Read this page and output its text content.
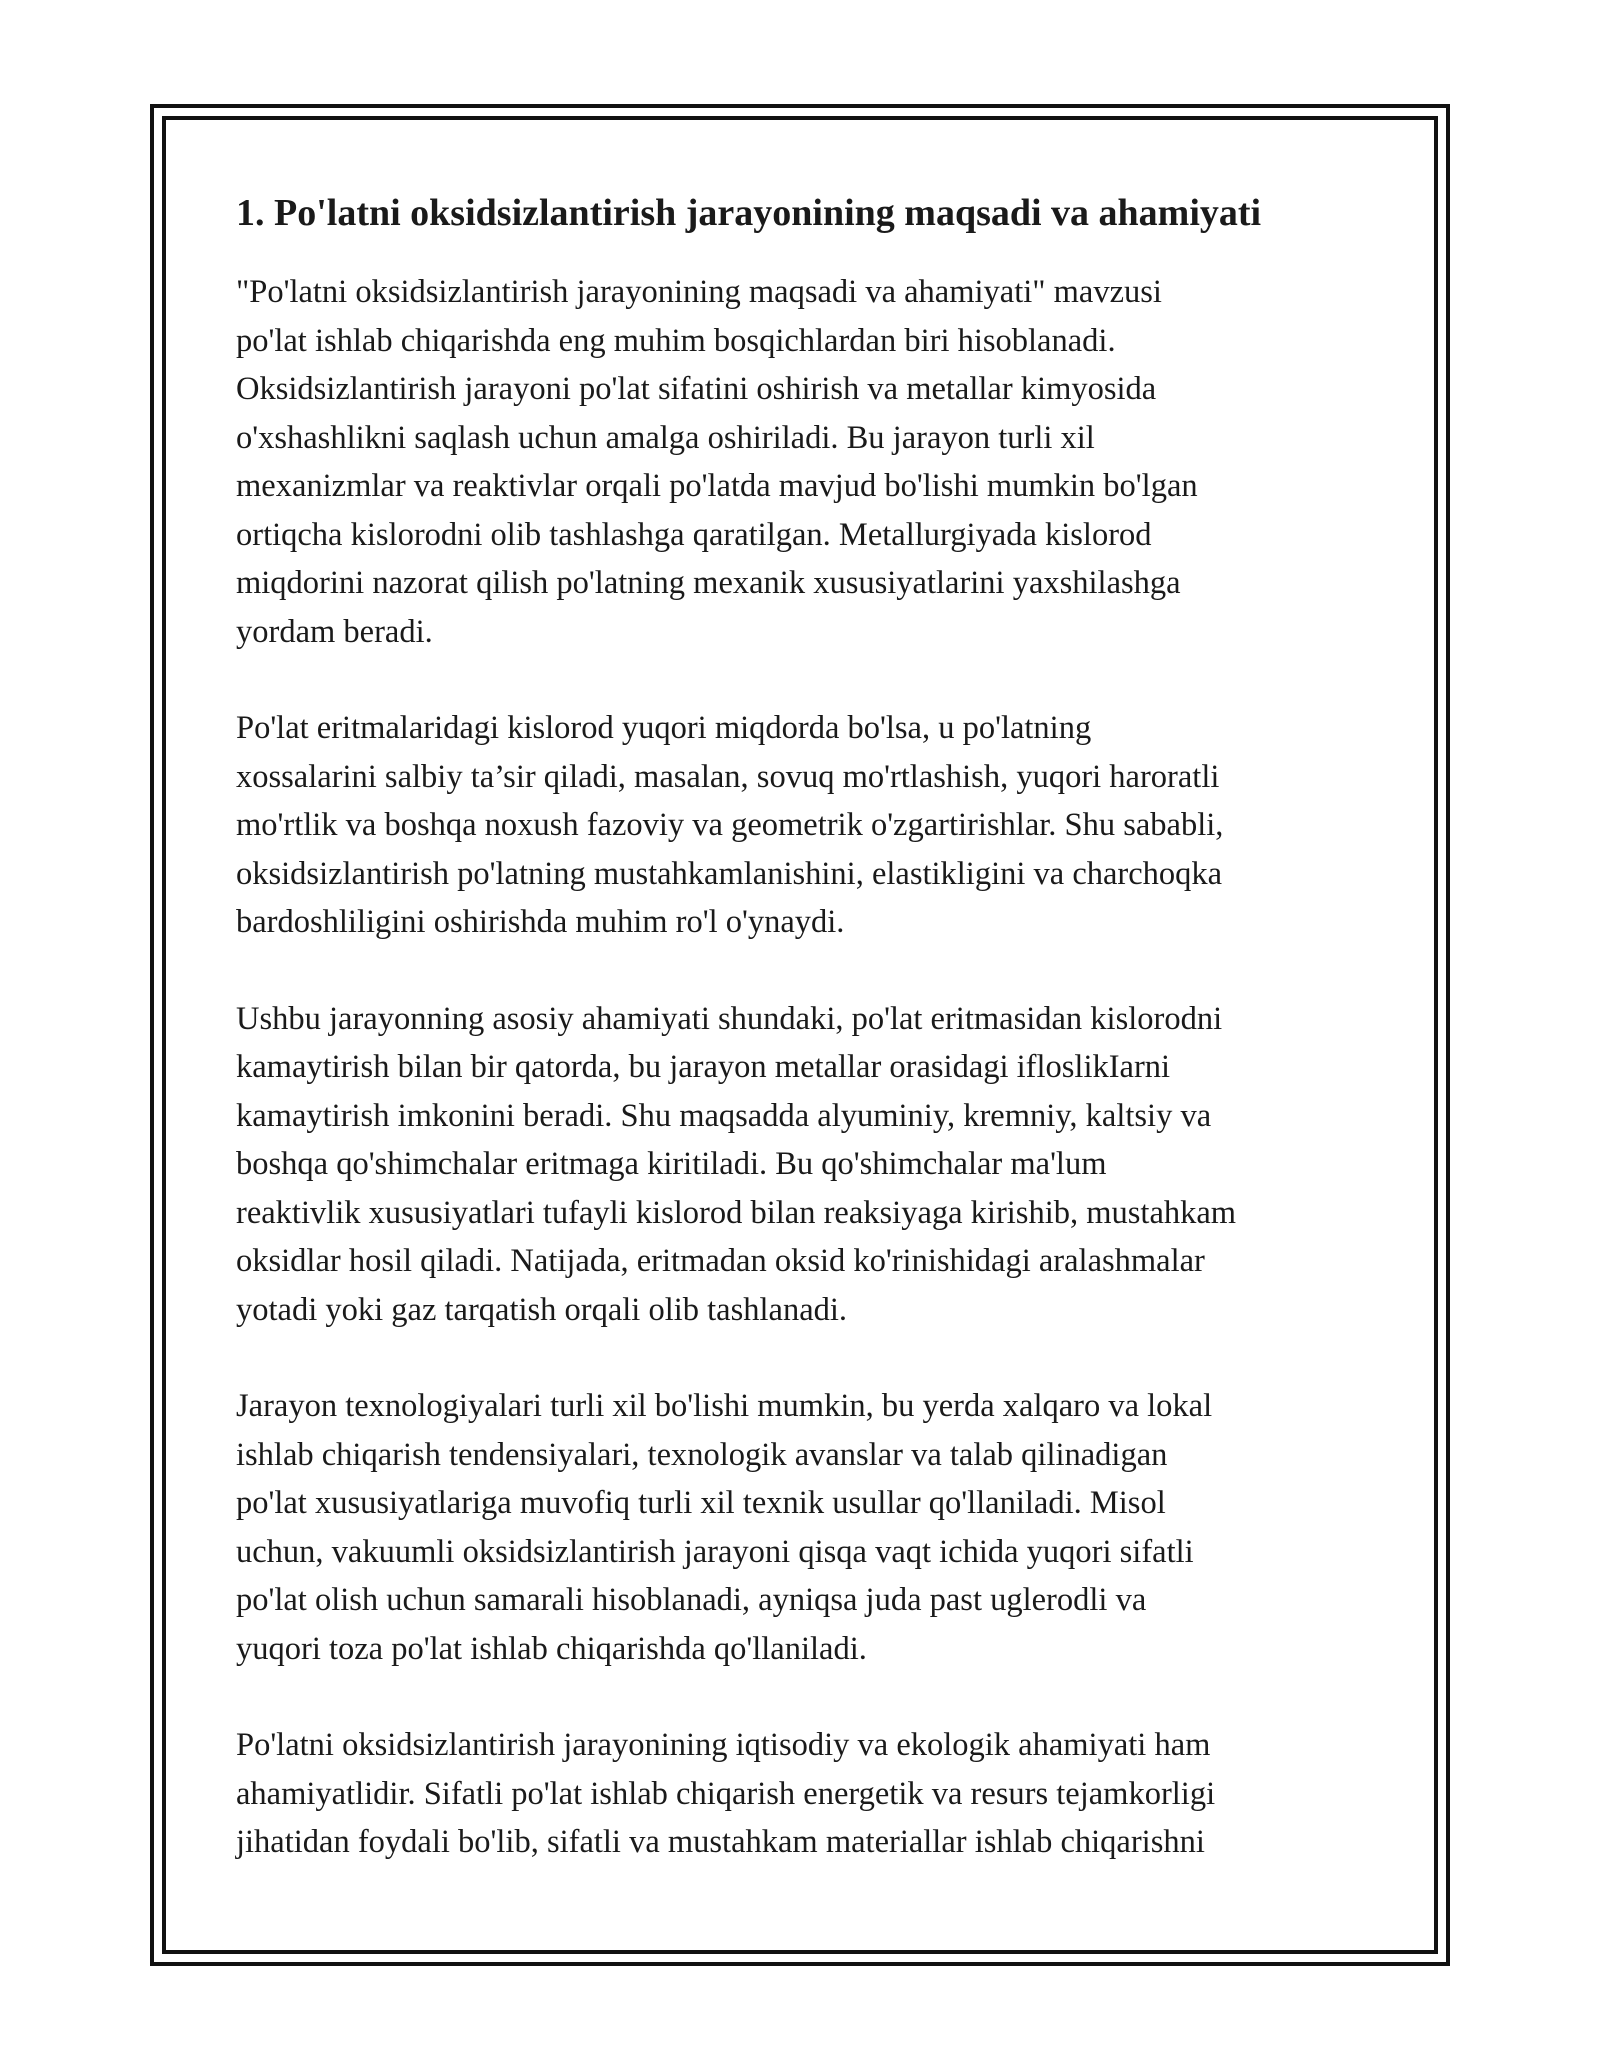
1. Po'latni oksidsizlantirish jarayonining maqsadi va ahamiyati

"Po'latni oksidsizlantirish jarayonining maqsadi va ahamiyati" mavzusi
po'lat ishlab chiqarishda eng muhim bosqichlardan biri hisoblanadi.
Oksidsizlantirish jarayoni po'lat sifatini oshirish va metallar kimyosida
o'xshashlikni saqlash uchun amalga oshiriladi. Bu jarayon turli xil
mexanizmlar va reaktivlar orqali po'latda mavjud bo'lishi mumkin bo'lgan
ortiqcha kislorodni olib tashlashga qaratilgan. Metallurgiyada kislorod
miqdorini nazorat qilish po'latning mexanik xususiyatlarini yaxshilashga
yordam beradi.

Po'lat eritmalaridagi kislorod yuqori miqdorda bo'lsa, u po'latning
xossalarini salbiy ta’sir qiladi, masalan, sovuq mo'rtlashish, yuqori haroratli
mo'rtlik va boshqa noxush fazoviy va geometrik o'zgartirishlar. Shu sababli,
oksidsizlantirish po'latning mustahkamlanishini, elastikligini va charchoqka
bardoshliligini oshirishda muhim ro'l o'ynaydi.

Ushbu jarayonning asosiy ahamiyati shundaki, po'lat eritmasidan kislorodni
kamaytirish bilan bir qatorda, bu jarayon metallar orasidagi ifloslikIarni
kamaytirish imkonini beradi. Shu maqsadda alyuminiy, kremniy, kaltsiy va
boshqa qo'shimchalar eritmaga kiritiladi. Bu qo'shimchalar ma'lum
reaktivlik xususiyatlari tufayli kislorod bilan reaksiyaga kirishib, mustahkam
oksidlar hosil qiladi. Natijada, eritmadan oksid ko'rinishidagi aralashmalar
yotadi yoki gaz tarqatish orqali olib tashlanadi.

Jarayon texnologiyalari turli xil bo'lishi mumkin, bu yerda xalqaro va lokal
ishlab chiqarish tendensiyalari, texnologik avanslar va talab qilinadigan
po'lat xususiyatlariga muvofiq turli xil texnik usullar qo'llaniladi. Misol
uchun, vakuumli oksidsizlantirish jarayoni qisqa vaqt ichida yuqori sifatli
po'lat olish uchun samarali hisoblanadi, ayniqsa juda past uglerodli va
yuqori toza po'lat ishlab chiqarishda qo'llaniladi.

Po'latni oksidsizlantirish jarayonining iqtisodiy va ekologik ahamiyati ham
ahamiyatlidir. Sifatli po'lat ishlab chiqarish energetik va resurs tejamkorligi
jihatidan foydali bo'lib, sifatli va mustahkam materiallar ishlab chiqarishni
